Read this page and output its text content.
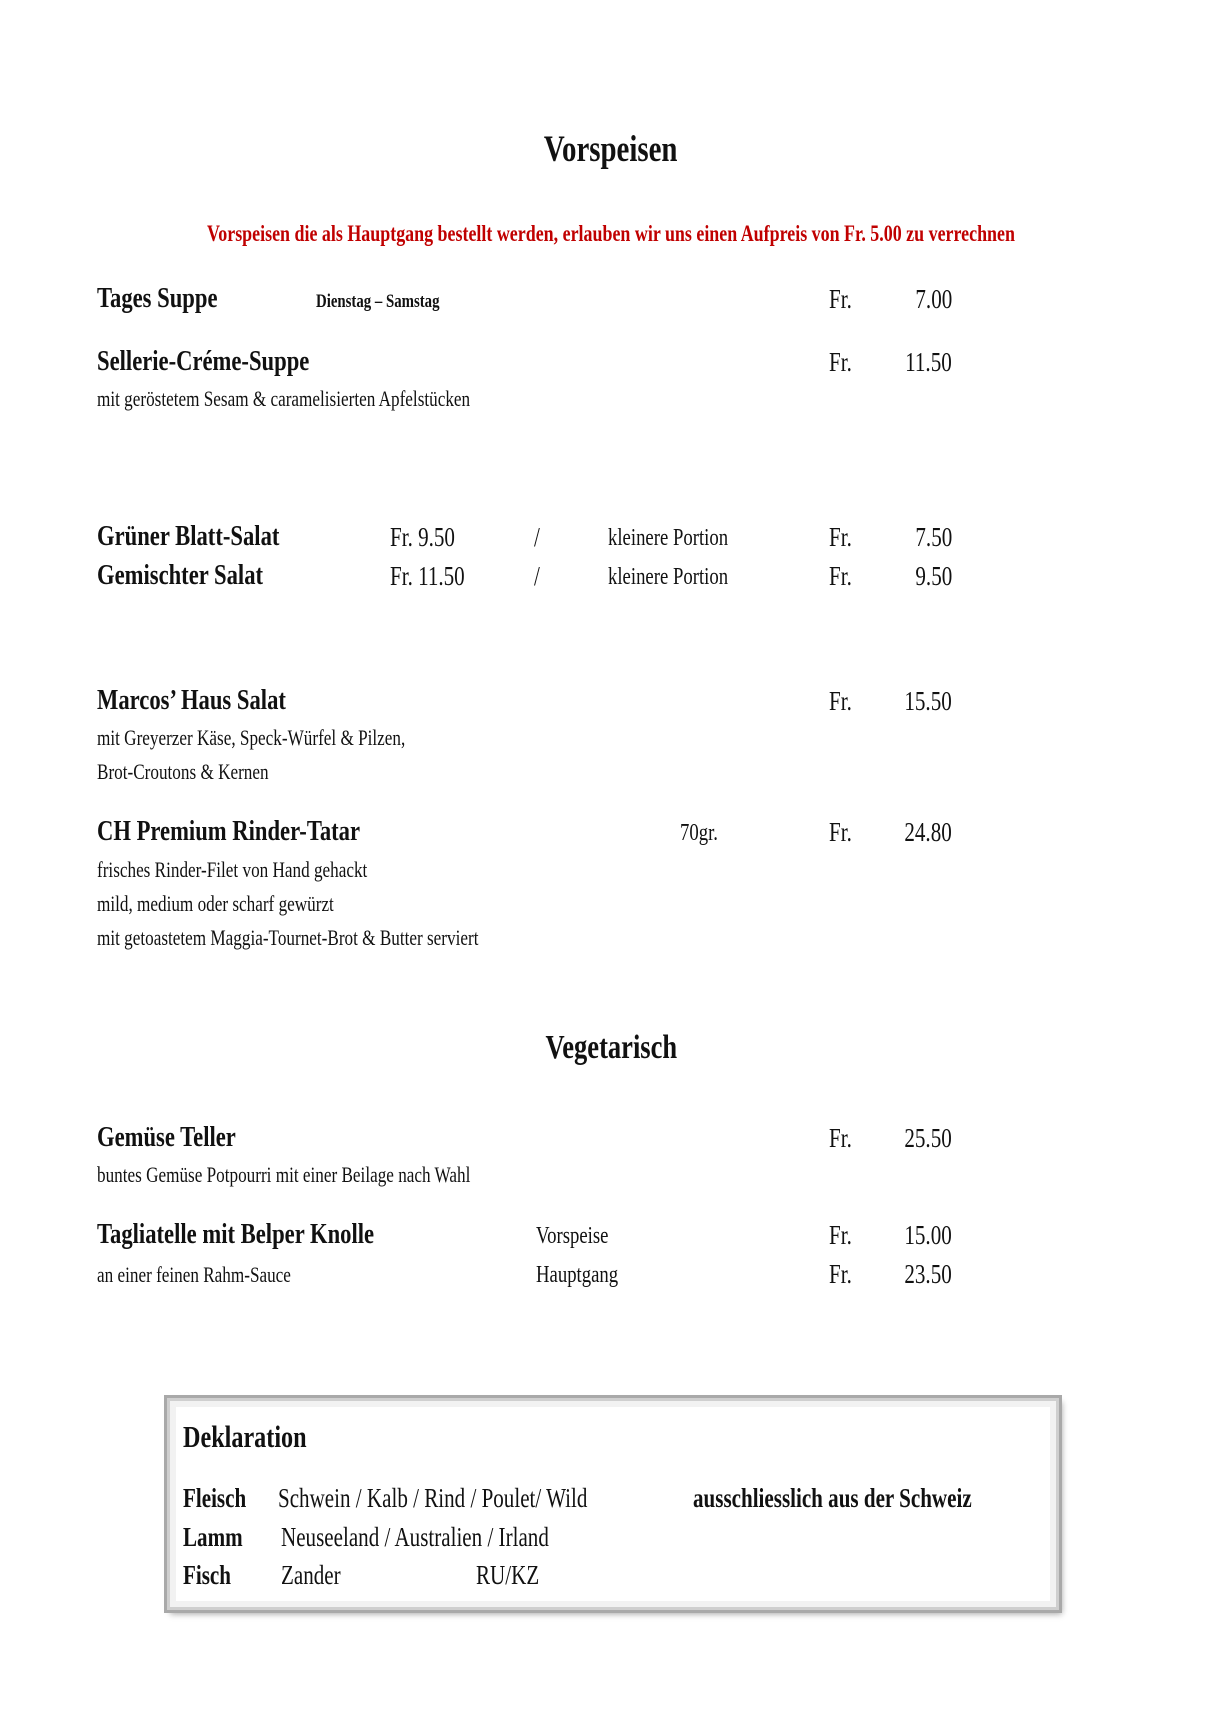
Vorspeisen
Vorspeisen die als Hauptgang bestellt werden, erlauben wir uns einen Aufpreis von Fr. 5.00 zu verrechnen
Tages Suppe	Dienstag – Samstag	Fr.	7.00
Sellerie-Créme-Suppe	Fr.	11.50
mit geröstetem Sesam & caramelisierten Apfelstücken
Grüner Blatt-Salat	Fr. 9.50	/	kleinere Portion	Fr.	7.50
Gemischter Salat	Fr. 11.50	/	kleinere Portion	Fr.	9.50
Marcos’ Haus Salat	Fr.	15.50
mit Greyerzer Käse, Speck-Würfel & Pilzen,
Brot-Croutons & Kernen
CH Premium Rinder-Tatar	70gr.	Fr.	24.80
frisches Rinder-Filet von Hand gehackt
mild, medium oder scharf gewürzt
mit getoastetem Maggia-Tournet-Brot & Butter serviert
Vegetarisch
Gemüse Teller	Fr.	25.50
buntes Gemüse Potpourri mit einer Beilage nach Wahl
Tagliatelle mit Belper Knolle	Vorspeise	Fr.	15.00
an einer feinen Rahm-Sauce	Hauptgang	Fr.	23.50
Deklaration
Fleisch	Schwein / Kalb / Rind / Poulet/ Wild	ausschliesslich aus der Schweiz
Lamm	Neuseeland / Australien / Irland
Fisch	Zander	RU/KZ
